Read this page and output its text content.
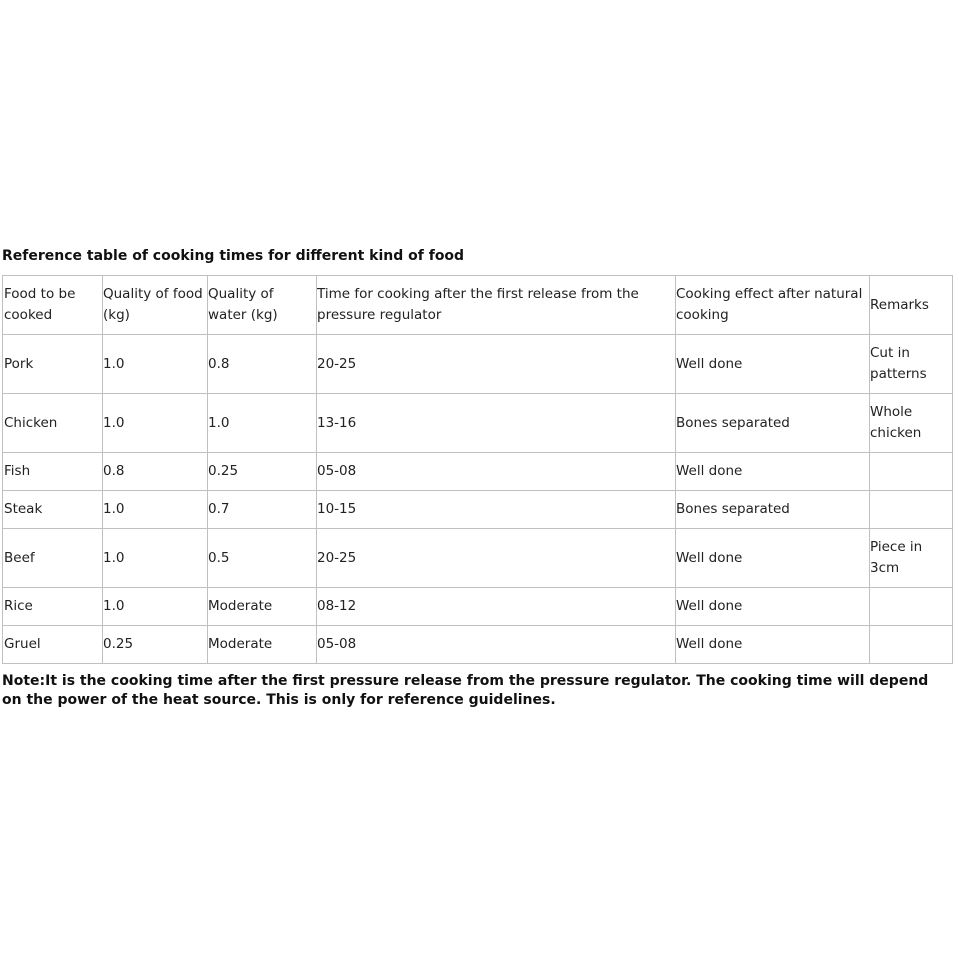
Reference table of cooking times for different kind of food
Food to be cooked	Quality of food (kg)	Quality of water (kg)	Time for cooking after the first release from the pressure regulator	Cooking effect after natural cooking	Remarks
Pork	1.0	0.8	20-25	Well done	Cut in patterns
Chicken	1.0	1.0	13-16	Bones separated	Whole chicken
Fish	0.8	0.25	05-08	Well done	
Steak	1.0	0.7	10-15	Bones separated	
Beef	1.0	0.5	20-25	Well done	Piece in 3cm
Rice	1.0	Moderate	08-12	Well done	
Gruel	0.25	Moderate	05-08	Well done	
Note:It is the cooking time after the first pressure release from the pressure regulator. The cooking time will depend on the power of the heat source. This is only for reference guidelines.
